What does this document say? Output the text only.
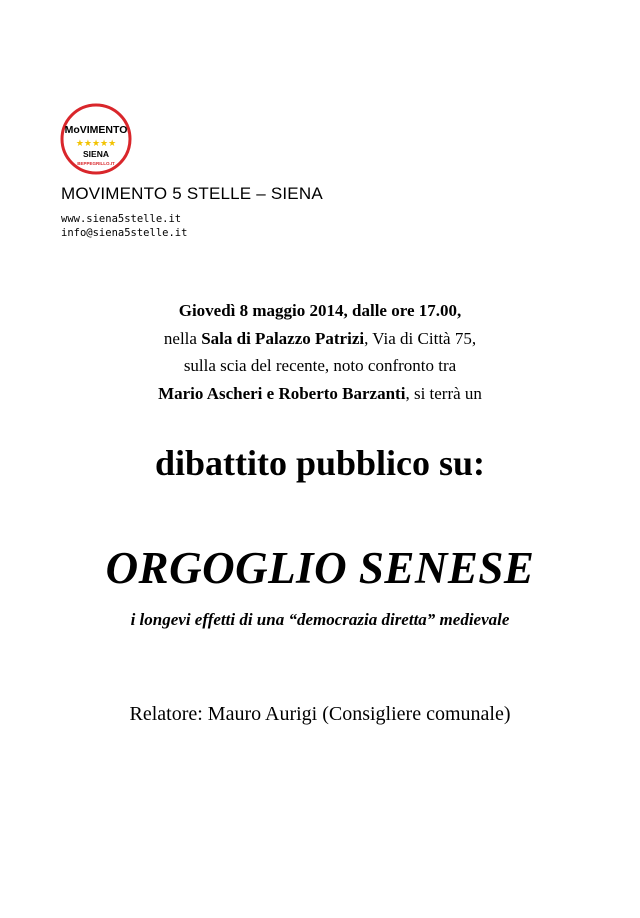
MoVIMENTO
★★★★★
SIENA
BEPPEGRILLO.IT
MOVIMENTO 5 STELLE – SIENA
www.siena5stelle.it
info@siena5stelle.it
Giovedì 8 maggio 2014, dalle ore 17.00,
nella Sala di Palazzo Patrizi, Via di Città 75,
sulla scia del recente, noto confronto tra
Mario Ascheri e Roberto Barzanti, si terrà un
dibattito pubblico su:
ORGOGLIO SENESE
i longevi effetti di una “democrazia diretta” medievale
Relatore: Mauro Aurigi (Consigliere comunale)
